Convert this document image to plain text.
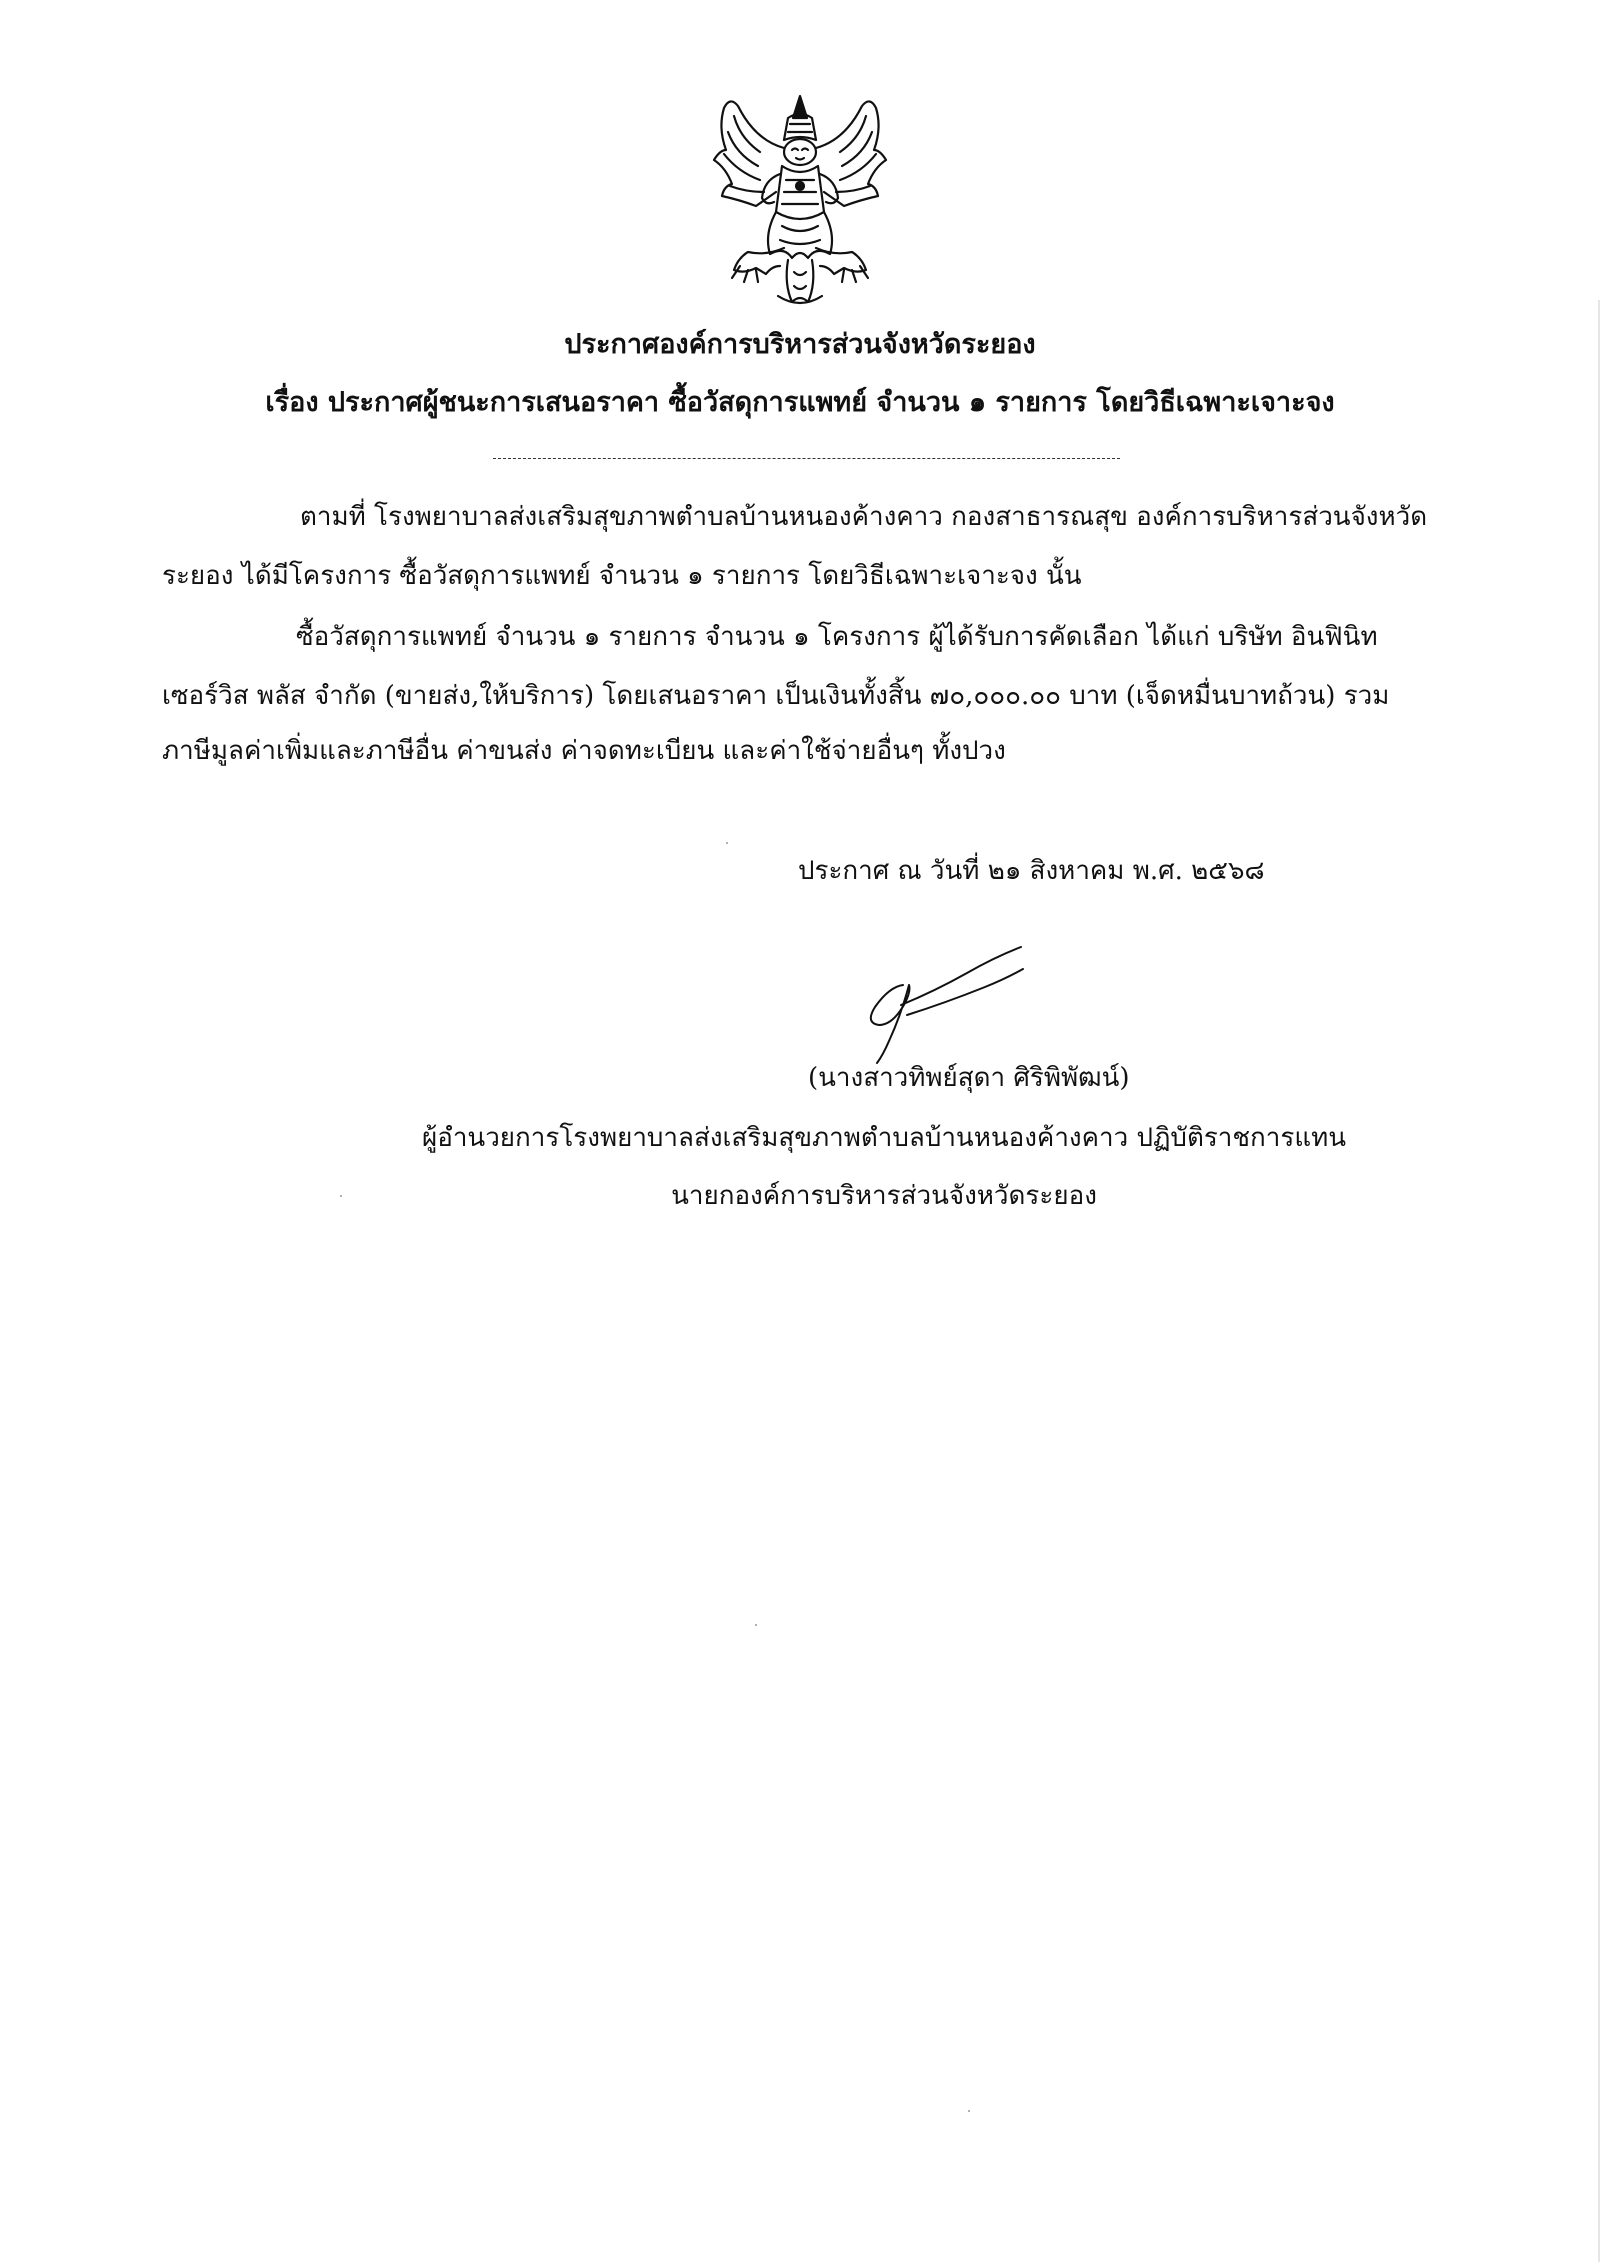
ประกาศองค์การบริหารส่วนจังหวัดระยอง
เรื่อง ประกาศผู้ชนะการเสนอราคา ซื้อวัสดุการแพทย์ จำนวน ๑ รายการ โดยวิธีเฉพาะเจาะจง
ตามที่ โรงพยาบาลส่งเสริมสุขภาพตำบลบ้านหนองค้างคาว กองสาธารณสุข องค์การบริหารส่วนจังหวัด
ระยอง ได้มีโครงการ ซื้อวัสดุการแพทย์ จำนวน ๑ รายการ โดยวิธีเฉพาะเจาะจง นั้น
ซื้อวัสดุการแพทย์ จำนวน ๑ รายการ จำนวน ๑ โครงการ ผู้ได้รับการคัดเลือก ได้แก่ บริษัท อินฟินิท
เซอร์วิส พลัส จำกัด (ขายส่ง,ให้บริการ) โดยเสนอราคา เป็นเงินทั้งสิ้น ๗๐,๐๐๐.๐๐ บาท (เจ็ดหมื่นบาทถ้วน) รวม
ภาษีมูลค่าเพิ่มและภาษีอื่น ค่าขนส่ง ค่าจดทะเบียน และค่าใช้จ่ายอื่นๆ ทั้งปวง
ประกาศ ณ วันที่ ๒๑ สิงหาคม พ.ศ. ๒๕๖๘
(นางสาวทิพย์สุดา ศิริพิพัฒน์)
ผู้อำนวยการโรงพยาบาลส่งเสริมสุขภาพตำบลบ้านหนองค้างคาว ปฏิบัติราชการแทน
นายกองค์การบริหารส่วนจังหวัดระยอง
